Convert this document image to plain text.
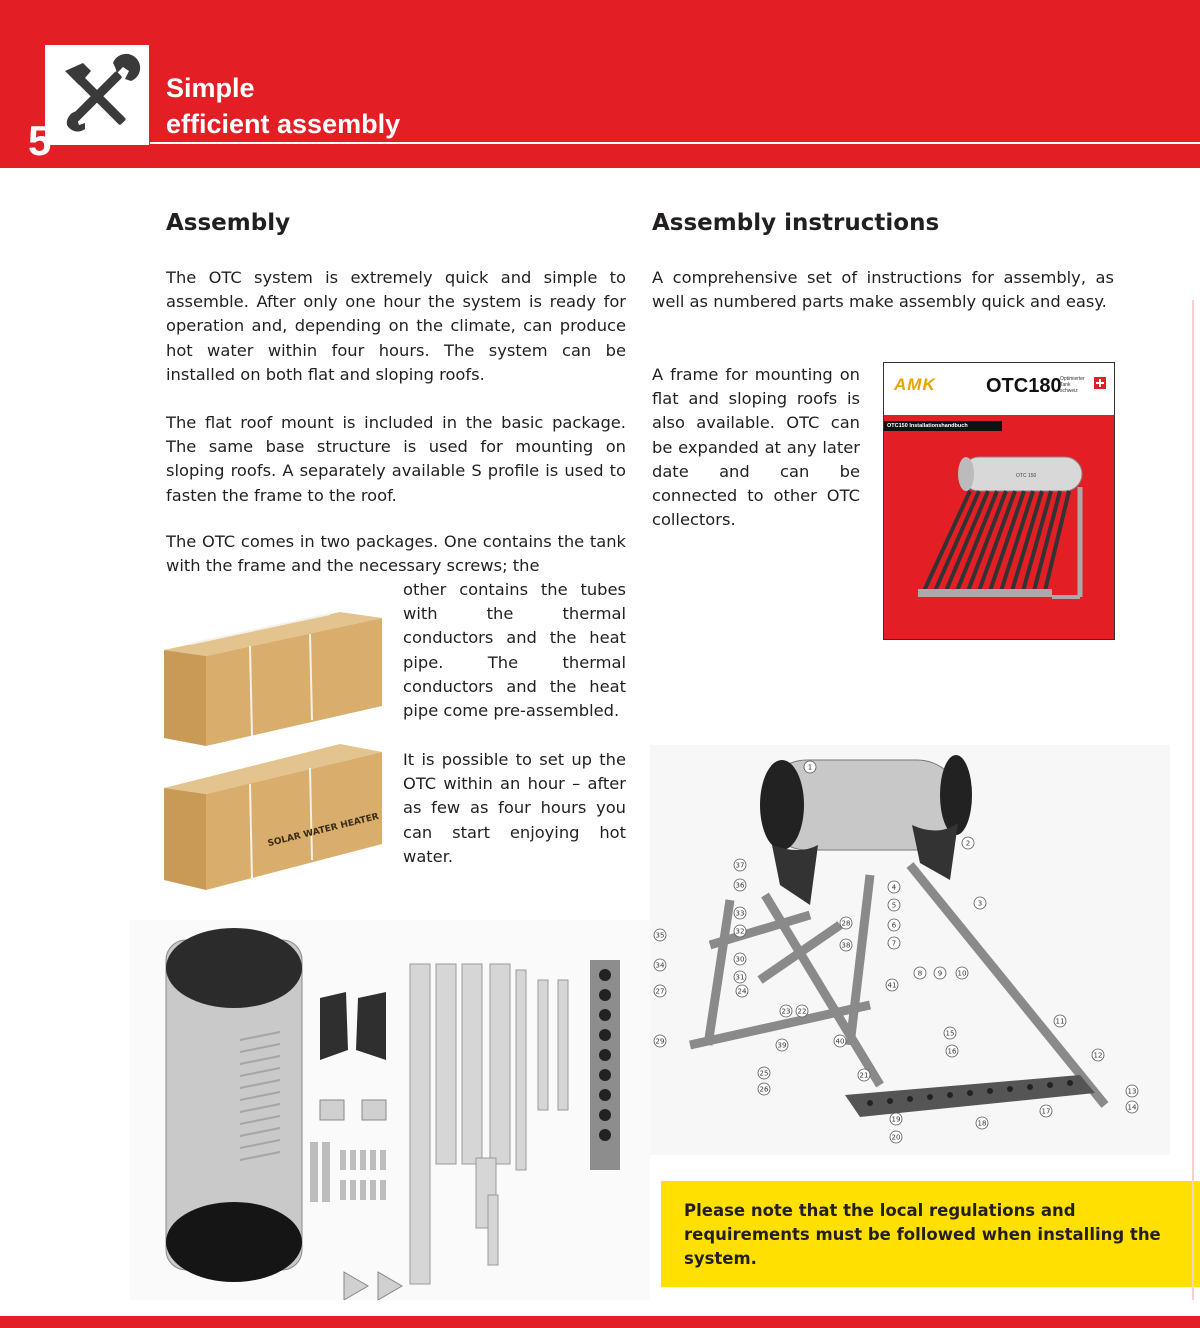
5
Simple
efficient assembly
Assembly

The OTC system is extremely quick and simple to assemble. After only one hour the system is ready for operation and, depending on the climate, can produce hot water within four hours. The system can be installed on both flat and sloping roofs.

The flat roof mount is included in the basic package. The same base structure is used for mounting on sloping roofs. A separately available S profile is used to fasten the frame to the roof.

The OTC comes in two packages. One contains the tank with the frame and the necessary screws; the

other contains the tubes with the thermal conductors and the heat pipe. The thermal conductors and the heat pipe come pre-assembled.

It is possible to set up the OTC within an hour – after as few as four hours you can start enjoying hot water.

SOLAR WATER HEATER
Assembly instructions

A comprehensive set of instructions for assembly, as well as numbered parts make assembly quick and easy.

A frame for mounting on flat and sloping roofs is also available. OTC can be expanded at any later date and can be connected to other OTC collectors.

AMK	OTC180
Optimierter
Tank
schweiz
OTC150 Installationshandbuch
OTC 150
1
2
3
4
5
6
7
8 9 10
11
12
13
14
15
16
17
18
19
20
21
22
23
24
25
26
27
28
29
30
31
32
33
34
35
36
37
38
39	40
41

Please note that the local regulations and requirements must be followed when installing the system.
